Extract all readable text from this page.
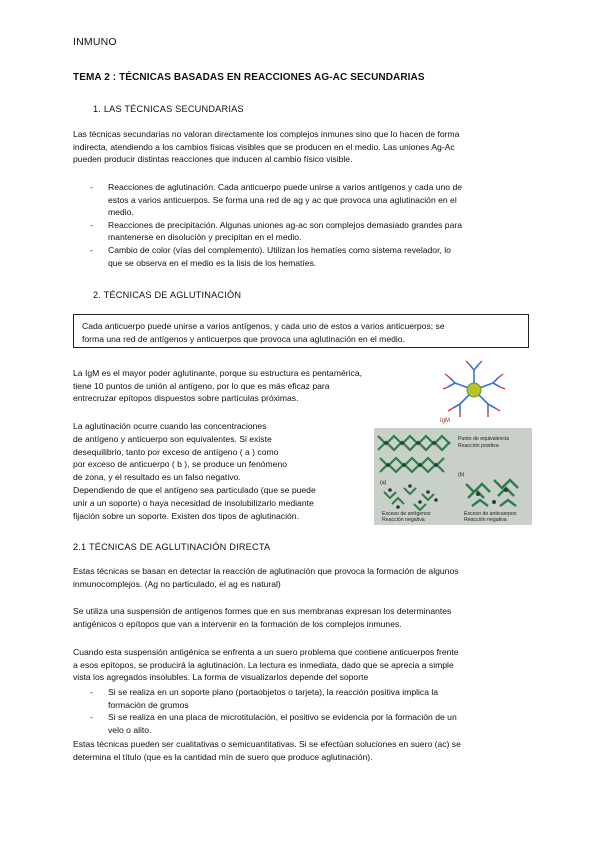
INMUNO
TEMA 2 : TÉCNICAS BASADAS EN REACCIONES AG-AC SECUNDARIAS
1. LAS TÉCNICAS SECUNDARIAS
Las técnicas secundarias no valoran directamente los complejos inmunes sino que lo hacen de forma
indirecta, atendiendo a los cambios físicas visibles que se producen en el medio. Las uniones Ag-Ac
pueden producir distintas reacciones que inducen al cambio físico visible.
- Reacciones de aglutinación. Cada anticuerpo puede unirse a varios antígenos y cada uno de
estos a varios anticuerpos. Se forma una red de ag y ac que provoca una aglutinación en el
medio.
- Reacciones de precipitación. Algunas uniones ag-ac son complejos demasiado grandes para
mantenerse en disolución y precipitan en el medio.
- Cambio de color (vías del complemento). Utilizan los hematíes como sistema revelador, lo
que se observa en el medio es la lisis de los hematíes.
2. TÉCNICAS DE AGLUTINACIÓN
Cada anticuerpo puede unirse a varios antígenos, y cada uno de estos a varios anticuerpos; se
forma una red de antígenos y anticuerpos que provoca una aglutinación en el medio.
La IgM es el mayor poder aglutinante, porque su estructura es pentamérica,
tiene 10 puntos de unión al antígeno, por lo que es más eficaz para
entrecruzar epítopos dispuestos sobre partículas próximas.
La aglutinación ocurre cuando las concentraciones
de antígeno y anticuerpo son equivalentes. Si existe
desequilibrio, tanto por exceso de antígeno ( a ) como
por exceso de anticuerpo ( b ), se produce un fenómeno
de zona, y el resultado es un falso negativo.
Dependiendo de que el antígeno sea particulado (que se puede
unir a un soporte) o haya necesidad de insolubilizarlo mediante
fijación sobre un soporte. Existen dos tipos de aglutinación.
IgM
Punto de equivalencia
Reacción positiva
(a)
(b)
Exceso de antígenos
Reacción negativa
Exceso de anticuerpos
Reacción negativa
2.1 TÉCNICAS DE AGLUTINACIÓN DIRECTA
Estas técnicas se basan en detectar la reacción de aglutinación que provoca la formación de algunos
inmunocomplejos. (Ag no particulado, el ag es natural)
Se utiliza una suspensión de antígenos formes que en sus membranas expresan los determinantes
antigénicos o epítopos que van a intervenir en la formación de los complejos inmunes.
Cuando esta suspensión antigénica se enfrenta a un suero problema que contiene anticuerpos frente
a esos epítopos, se producirá la aglutinación. La lectura es inmediata, dado que se aprecia a simple
vista los agregados insolubles. La forma de visualizarlos depende del soporte
- Si se realiza en un soporte plano (portaobjetos o tarjeta), la reacción positiva implica la
formación de grumos
- Si se realiza en una placa de microtitulación, el positivo se evidencia por la formación de un
velo o alito.
Estas técnicas pueden ser cualitativas o semicuantitativas. Si se efectúan soluciones en suero (ac) se
determina el título (que es la cantidad mín de suero que produce aglutinación).
